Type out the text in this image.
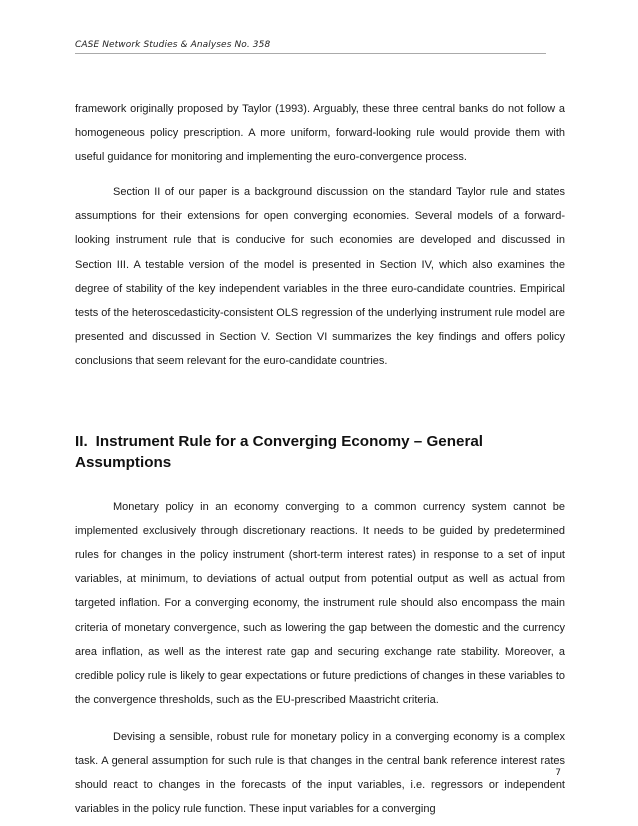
CASE Network Studies & Analyses No. 358

framework originally proposed by Taylor (1993). Arguably, these three central banks do not follow a homogeneous policy prescription. A more uniform, forward-looking rule would provide them with useful guidance for monitoring and implementing the euro-convergence process.

Section II of our paper is a background discussion on the standard Taylor rule and states assumptions for their extensions for open converging economies. Several models of a forward-looking instrument rule that is conducive for such economies are developed and discussed in Section III. A testable version of the model is presented in Section IV, which also examines the degree of stability of the key independent variables in the three euro-candidate countries. Empirical tests of the heteroscedasticity-consistent OLS regression of the underlying instrument rule model are presented and discussed in Section V. Section VI summarizes the key findings and offers policy conclusions that seem relevant for the euro-candidate countries.

II. Instrument Rule for a Converging Economy – General Assumptions

Monetary policy in an economy converging to a common currency system cannot be implemented exclusively through discretionary reactions. It needs to be guided by predetermined rules for changes in the policy instrument (short-term interest rates) in response to a set of input variables, at minimum, to deviations of actual output from potential output as well as actual from targeted inflation. For a converging economy, the instrument rule should also encompass the main criteria of monetary convergence, such as lowering the gap between the domestic and the currency area inflation, as well as the interest rate gap and securing exchange rate stability. Moreover, a credible policy rule is likely to gear expectations or future predictions of changes in these variables to the convergence thresholds, such as the EU-prescribed Maastricht criteria.

Devising a sensible, robust rule for monetary policy in a converging economy is a complex task. A general assumption for such rule is that changes in the central bank reference interest rates should react to changes in the forecasts of the input variables, i.e. regressors or independent variables in the policy rule function. These input variables for a converging

7
